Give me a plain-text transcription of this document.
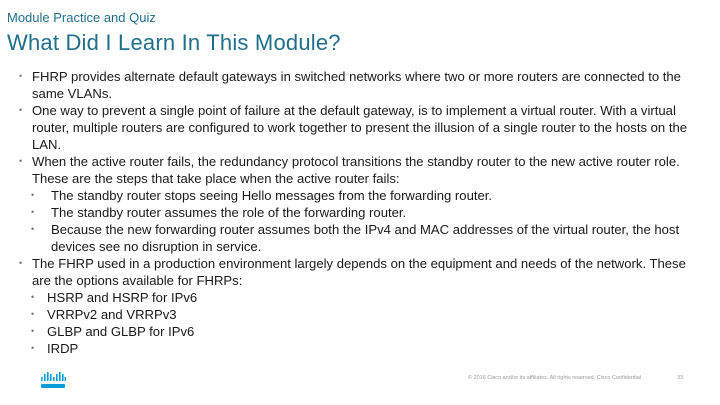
Module Practice and Quiz
What Did I Learn In This Module?
• FHRP provides alternate default gateways in switched networks where two or more routers are connected to the same VLANs.
• One way to prevent a single point of failure at the default gateway, is to implement a virtual router. With a virtual router, multiple routers are configured to work together to present the illusion of a single router to the hosts on the LAN.
• When the active router fails, the redundancy protocol transitions the standby router to the new active router role. These are the steps that take place when the active router fails:
• The standby router stops seeing Hello messages from the forwarding router.
• The standby router assumes the role of the forwarding router.
• Because the new forwarding router assumes both the IPv4 and MAC addresses of the virtual router, the host devices see no disruption in service.
• The FHRP used in a production environment largely depends on the equipment and needs of the network. These are the options available for FHRPs:
• HSRP and HSRP for IPv6
• VRRPv2 and VRRPv3
• GLBP and GLBP for IPv6
• IRDP
© 2016 Cisco and/or its affiliates. All rights reserved. Cisco Confidential	33
